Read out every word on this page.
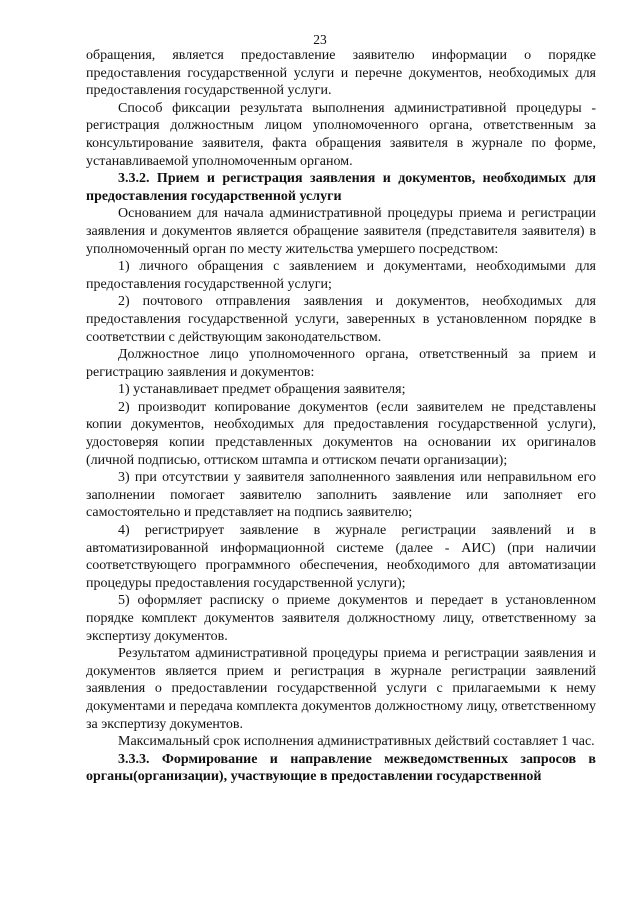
23

обращения, является предоставление заявителю информации о порядке предоставления государственной услуги и перечне документов, необходимых для предоставления государственной услуги.

Способ фиксации результата выполнения административной процедуры - регистрация должностным лицом уполномоченного органа, ответственным за консультирование заявителя, факта обращения заявителя в журнале по форме, устанавливаемой уполномоченным органом.

3.3.2. Прием и регистрация заявления и документов, необходимых для предоставления государственной услуги

Основанием для начала административной процедуры приема и регистрации заявления и документов является обращение заявителя (представителя заявителя) в уполномоченный орган по месту жительства умершего посредством:

1) личного обращения с заявлением и документами, необходимыми для предоставления государственной услуги;

2) почтового отправления заявления и документов, необходимых для предоставления государственной услуги, заверенных в установленном порядке в соответствии с действующим законодательством.

Должностное лицо уполномоченного органа, ответственный за прием и регистрацию заявления и документов:

1) устанавливает предмет обращения заявителя;

2) производит копирование документов (если заявителем не представлены копии документов, необходимых для предоставления государственной услуги), удостоверяя копии представленных документов на основании их оригиналов (личной подписью, оттиском штампа и оттиском печати организации);

3) при отсутствии у заявителя заполненного заявления или неправильном его заполнении помогает заявителю заполнить заявление или заполняет его самостоятельно и представляет на подпись заявителю;

4) регистрирует заявление в журнале регистрации заявлений и в автоматизированной информационной системе (далее - АИС) (при наличии соответствующего программного обеспечения, необходимого для автоматизации процедуры предоставления государственной услуги);

5) оформляет расписку о приеме документов и передает в установленном порядке комплект документов заявителя должностному лицу, ответственному за экспертизу документов.

Результатом административной процедуры приема и регистрации заявления и документов является прием и регистрация в журнале регистрации заявлений заявления о предоставлении государственной услуги с прилагаемыми к нему документами и передача комплекта документов должностному лицу, ответственному за экспертизу документов.

Максимальный срок исполнения административных действий составляет 1 час.

3.3.3. Формирование и направление межведомственных запросов в органы(организации), участвующие в предоставлении государственной
